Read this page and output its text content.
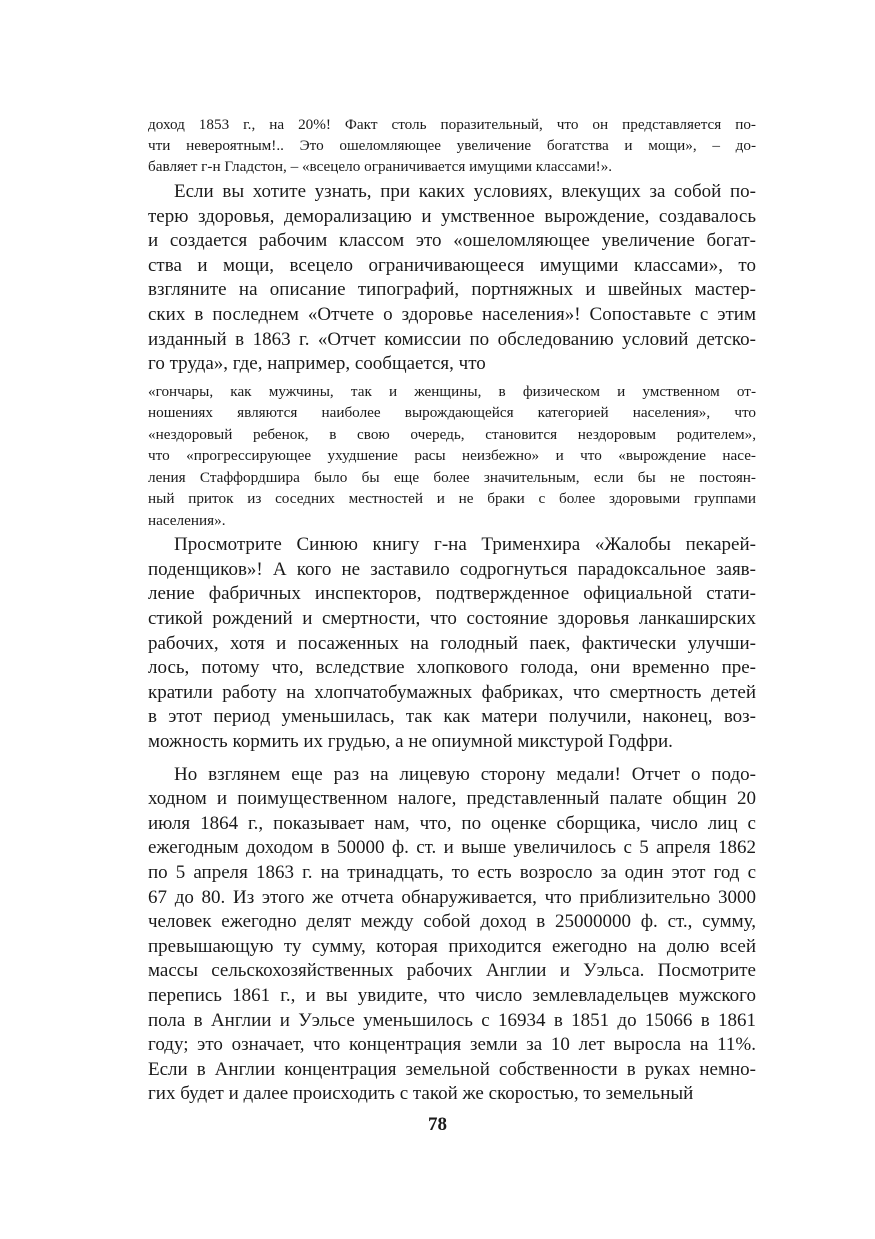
доход 1853 г., на 20%! Факт столь поразительный, что он представляется по-
чти невероятным!.. Это ошеломляющее увеличение богатства и мощи», – до-
бавляет г-н Гладстон, – «всецело ограничивается имущими классами!».
Если вы хотите узнать, при каких условиях, влекущих за собой по-
терю здоровья, деморализацию и умственное вырождение, создавалось
и создается рабочим классом это «ошеломляющее увеличение богат-
ства и мощи, всецело ограничивающееся имущими классами», то
взгляните на описание типографий, портняжных и швейных мастер-
ских в последнем «Отчете о здоровье населения»! Сопоставьте с этим
изданный в 1863 г. «Отчет комиссии по обследованию условий детско-
го труда», где, например, сообщается, что
«гончары, как мужчины, так и женщины, в физическом и умственном от-
ношениях являются наиболее вырождающейся категорией населения», что
«нездоровый ребенок, в свою очередь, становится нездоровым родителем»,
что «прогрессирующее ухудшение расы неизбежно» и что «вырождение насе-
ления Стаффордшира было бы еще более значительным, если бы не постоян-
ный приток из соседних местностей и не браки с более здоровыми группами
населения».
Просмотрите Синюю книгу г-на Трименхира «Жалобы пекарей-
поденщиков»! А кого не заставило содрогнуться парадоксальное заяв-
ление фабричных инспекторов, подтвержденное официальной стати-
стикой рождений и смертности, что состояние здоровья ланкаширских
рабочих, хотя и посаженных на голодный паек, фактически улучши-
лось, потому что, вследствие хлопкового голода, они временно пре-
кратили работу на хлопчатобумажных фабриках, что смертность детей
в этот период уменьшилась, так как матери получили, наконец, воз-
можность кормить их грудью, а не опиумной микстурой Годфри.
Но взглянем еще раз на лицевую сторону медали! Отчет о подо-
ходном и поимущественном налоге, представленный палате общин 20
июля 1864 г., показывает нам, что, по оценке сборщика, число лиц с
ежегодным доходом в 50000 ф. ст. и выше увеличилось с 5 апреля 1862
по 5 апреля 1863 г. на тринадцать, то есть возросло за один этот год с
67 до 80. Из этого же отчета обнаруживается, что приблизительно 3000
человек ежегодно делят между собой доход в 25000000 ф. ст., сумму,
превышающую ту сумму, которая приходится ежегодно на долю всей
массы сельскохозяйственных рабочих Англии и Уэльса. Посмотрите
перепись 1861 г., и вы увидите, что число землевладельцев мужского
пола в Англии и Уэльсе уменьшилось с 16934 в 1851 до 15066 в 1861
году; это означает, что концентрация земли за 10 лет выросла на 11%.
Если в Англии концентрация земельной собственности в руках немно-
гих будет и далее происходить с такой же скоростью, то земельный
78
